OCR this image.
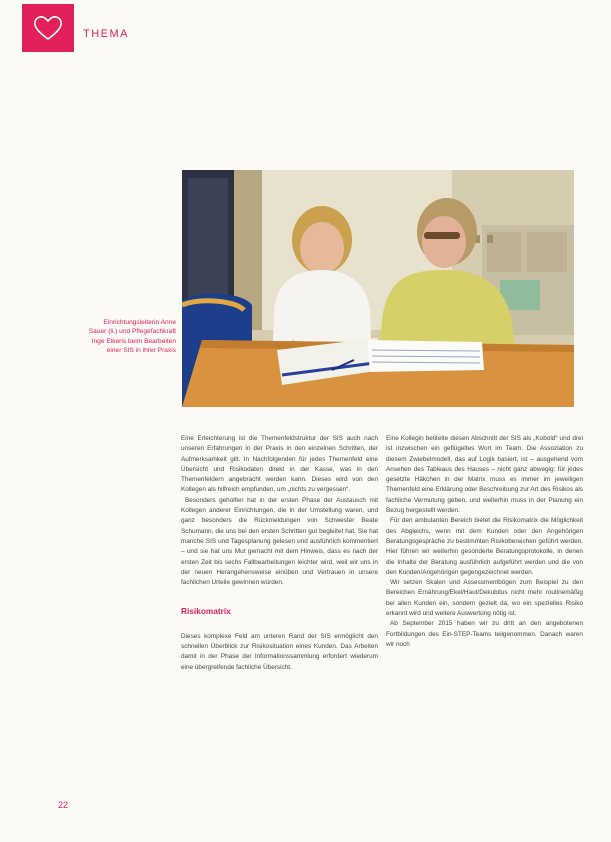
THEMA
Einrichtungsleiterin Anne Sauer (li.) und Pflegefachkraft Inge Elkeris beim Bearbeiten einer SIS in ihrer Praxis

Eine Erleichterung ist die Themenfeldstruktur der SIS auch nach unseren Erfahrungen in der Praxis in den einzelnen Schritten, der Aufmerksamkeit gilt. In Nachfolgenden für jedes Themenfeld eine Übersicht und Risikodaten direkt in der Kasse, was in den Themenfeldern angebracht werden kann. Dieses wird von den Kollegen als hilfreich empfunden, um „nichts zu vergessen“.

Besonders geholfen hat in der ersten Phase der Austausch mit Kollegen anderer Einrichtungen, die in der Umstellung waren, und ganz besonders die Rückmeldungen von Schwester Beate Schumann, die uns bei den ersten Schritten gut begleitet hat. Sie hat manche SIS und Tagesplanung gelesen und ausführlich kommentiert – und sie hat uns Mut gemacht mit dem Hinweis, dass es nach der ersten Zeit bis sechs Fallbearbeitungen leichter wird, weil wir uns in der neuen Herangehensweise einüben und Vertrauen in unsere fachlichen Urteile gewinnen würden.

Risikomatrix

Dieses komplexe Feld am unteren Rand der SIS ermöglicht den schnellen Überblick zur Risikosituation eines Kunden. Das Arbeiten damit in der Phase der Informationssammlung erfordert wiederum eine übergreifende fachliche Übersicht.

Eine Kollegin betitelte diesen Abschnitt der SIS als „Kobold“ und drei ist inzwischen ein geflügeltes Wort im Team. Die Assoziation zu diesem Zwiebelmodell, das auf Logik basiert, ist – ausgehend vom Ansehen des Tableaus des Hauses – nicht ganz abwegig: für jedes gesetzte Häkchen in der Matrix muss es immer im jeweiligen Themenfeld eine Erklärung oder Beschreibung zur Art des Risikos als fachliche Vermutung geben, und weiterhin muss in der Planung ein Bezug hergestellt werden.

Für den ambulanten Bereich bietet die Risikomatrix die Möglichkeit des Abgleichs, wenn mit dem Kunden oder den Angehörigen Beratungsgespräche zu bestimmten Risikobereichen geführt werden. Hier führen wir weiterhin gesonderte Beratungsprotokolle, in denen die Inhalte der Beratung ausführlich aufgeführt werden und die von den Kunden/Angehörigen gegengezeichnet werden.

Wir setzen Skalen und Assessmentbögen zum Beispiel zu den Bereichen Ernährung/Ekel/Haut/Dekubitus nicht mehr routinemäßig bei allen Kunden ein, sondern gezielt da, wo ein spezielles Risiko erkannt wird und weitere Auswertung nötig ist.

Ab September 2015 haben wir zu dritt an den angebotenen Fortbildungen des Ein-STEP-Teams teilgenommen. Danach waren wir noch

22
